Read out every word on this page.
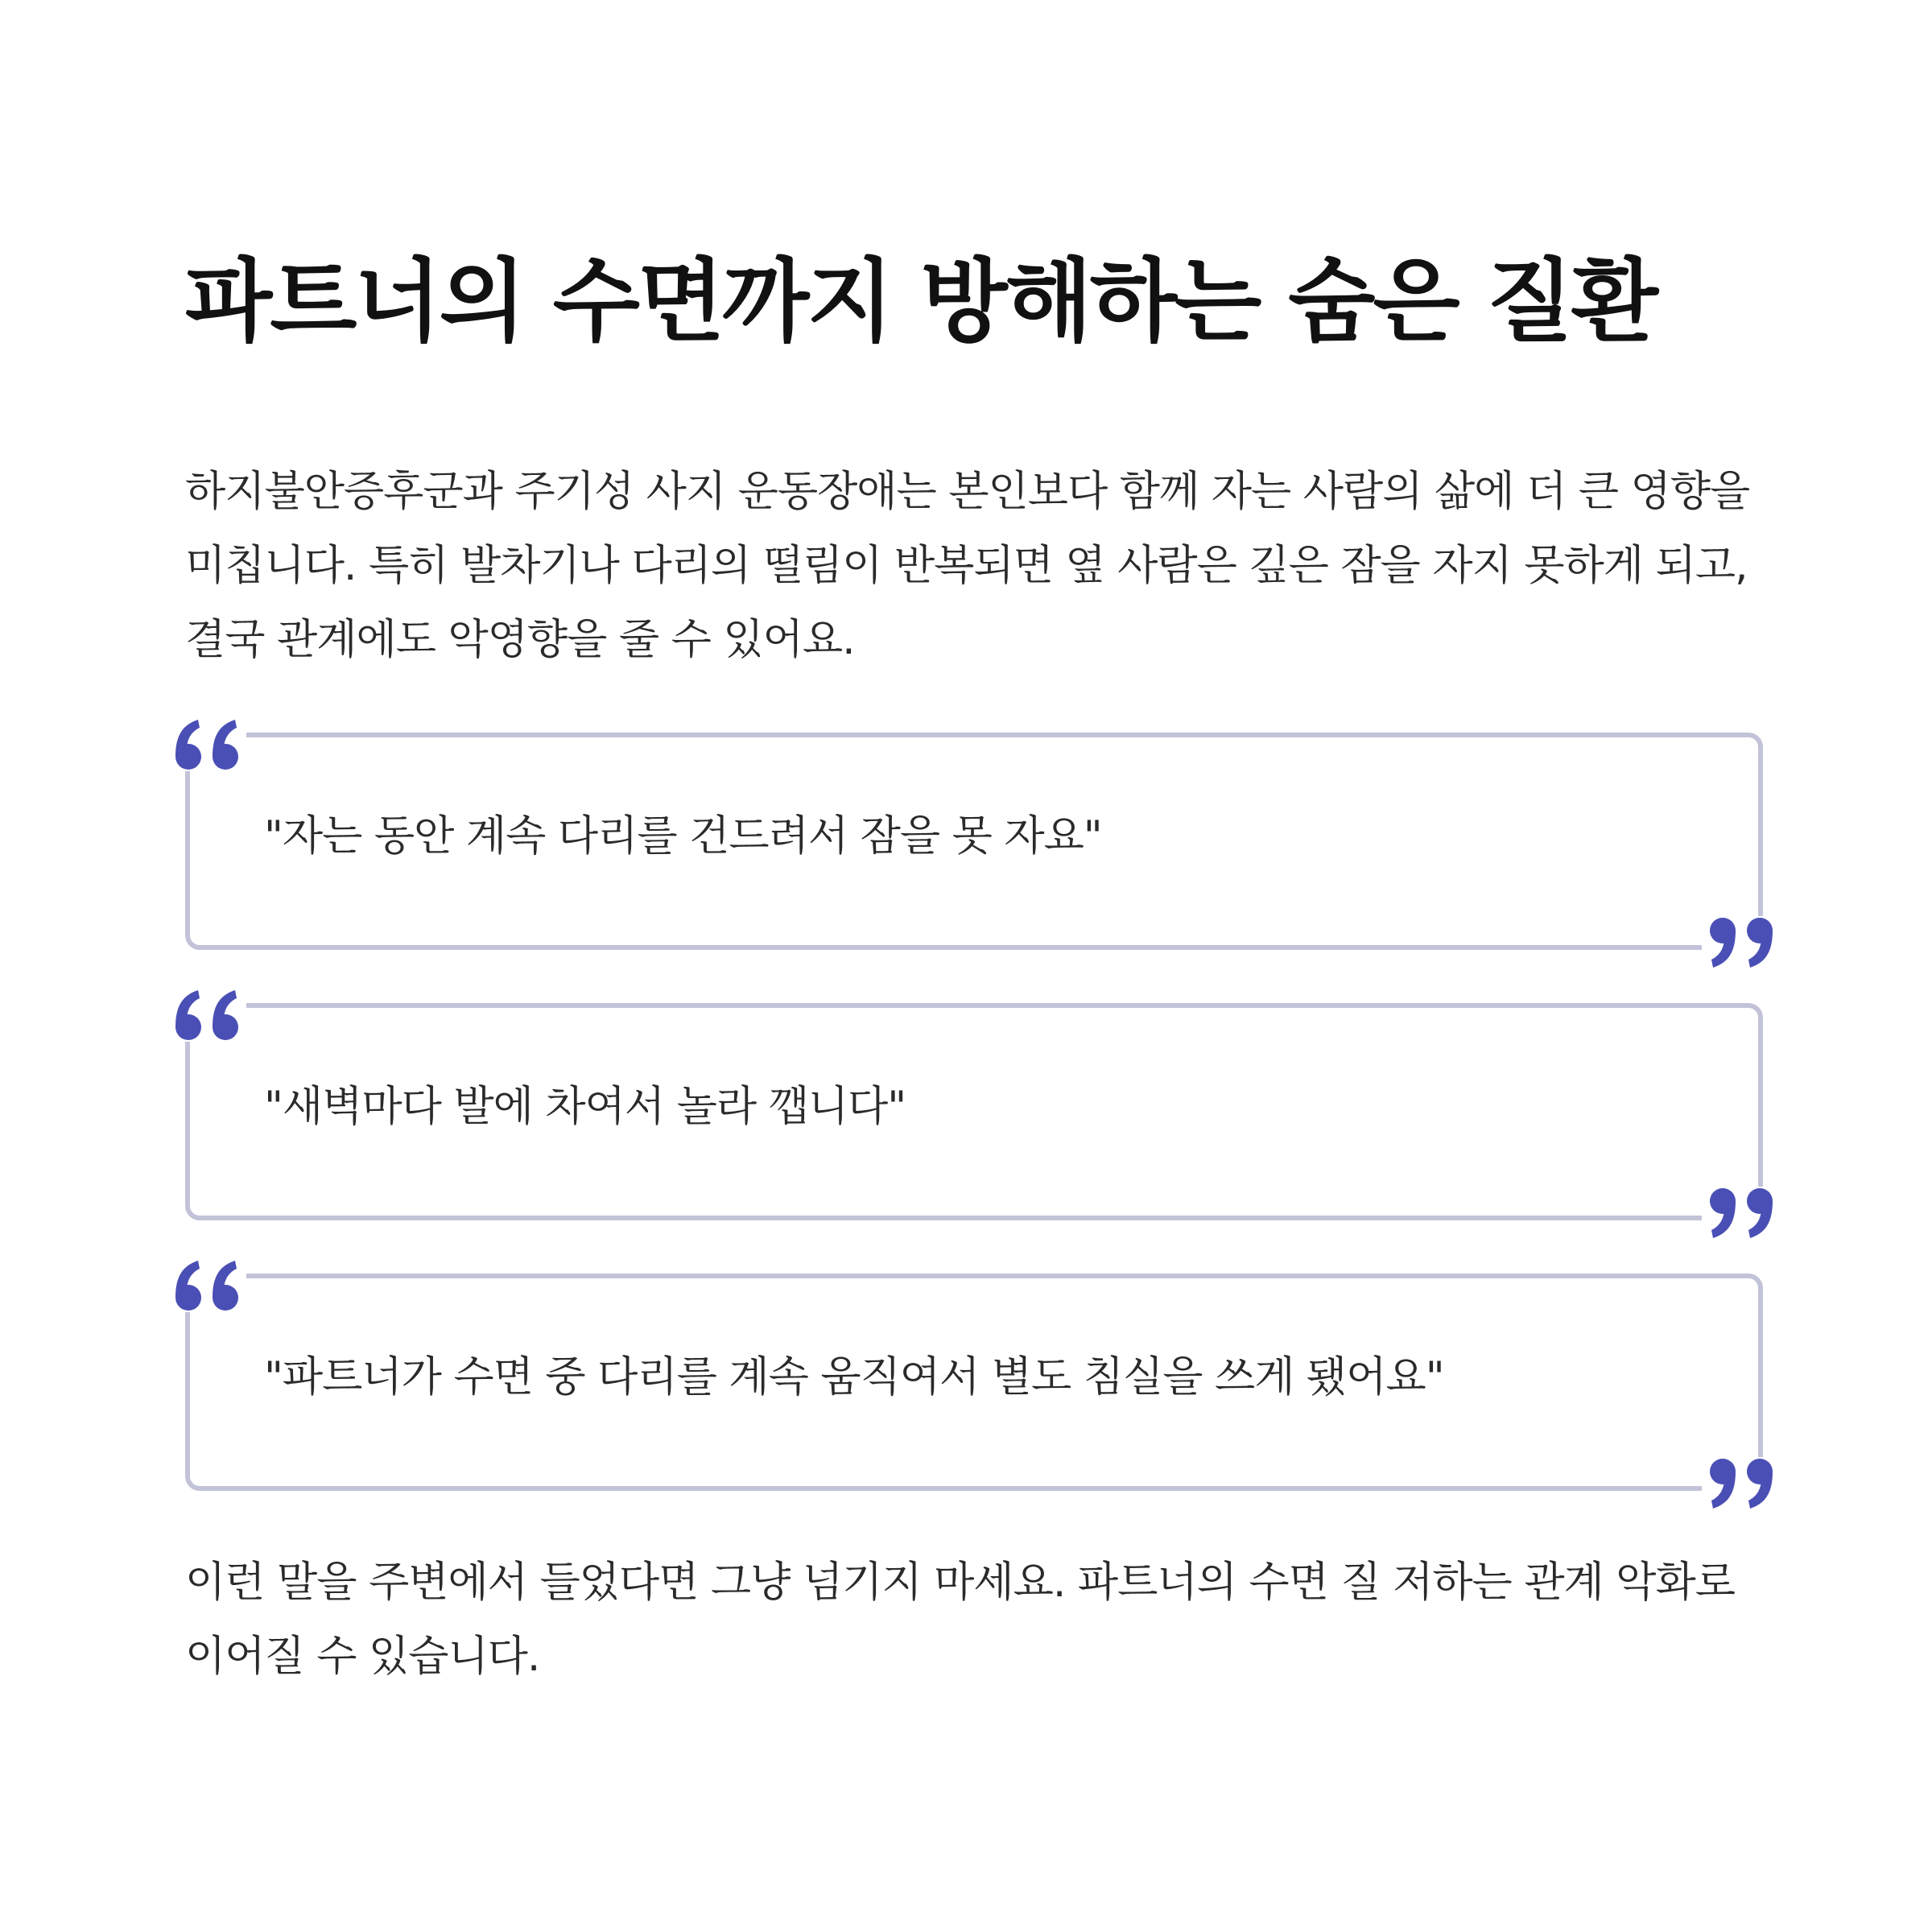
파트너의 수면까지 방해하는 숨은 질환

하지불안증후군과 주기성 사지 운동장애는 본인보다 함께 자는 사람의 삶에 더 큰 영향을 미칩니다. 특히 발차기나 다리의 떨림이 반복되면 옆 사람은 깊은 잠을 자지 못하게 되고, 결국 관계에도 악영향을 줄 수 있어요.

"자는 동안 계속 다리를 건드려서 잠을 못 자요"
"새벽마다 발에 차여서 놀라 깹니다"
"파트너가 수면 중 다리를 계속 움직여서 별도 침실을 쓰게 됐어요"

이런 말을 주변에서 들었다면 그냥 넘기지 마세요. 파트너의 수면 질 저하는 관계 악화로 이어질 수 있습니다.
